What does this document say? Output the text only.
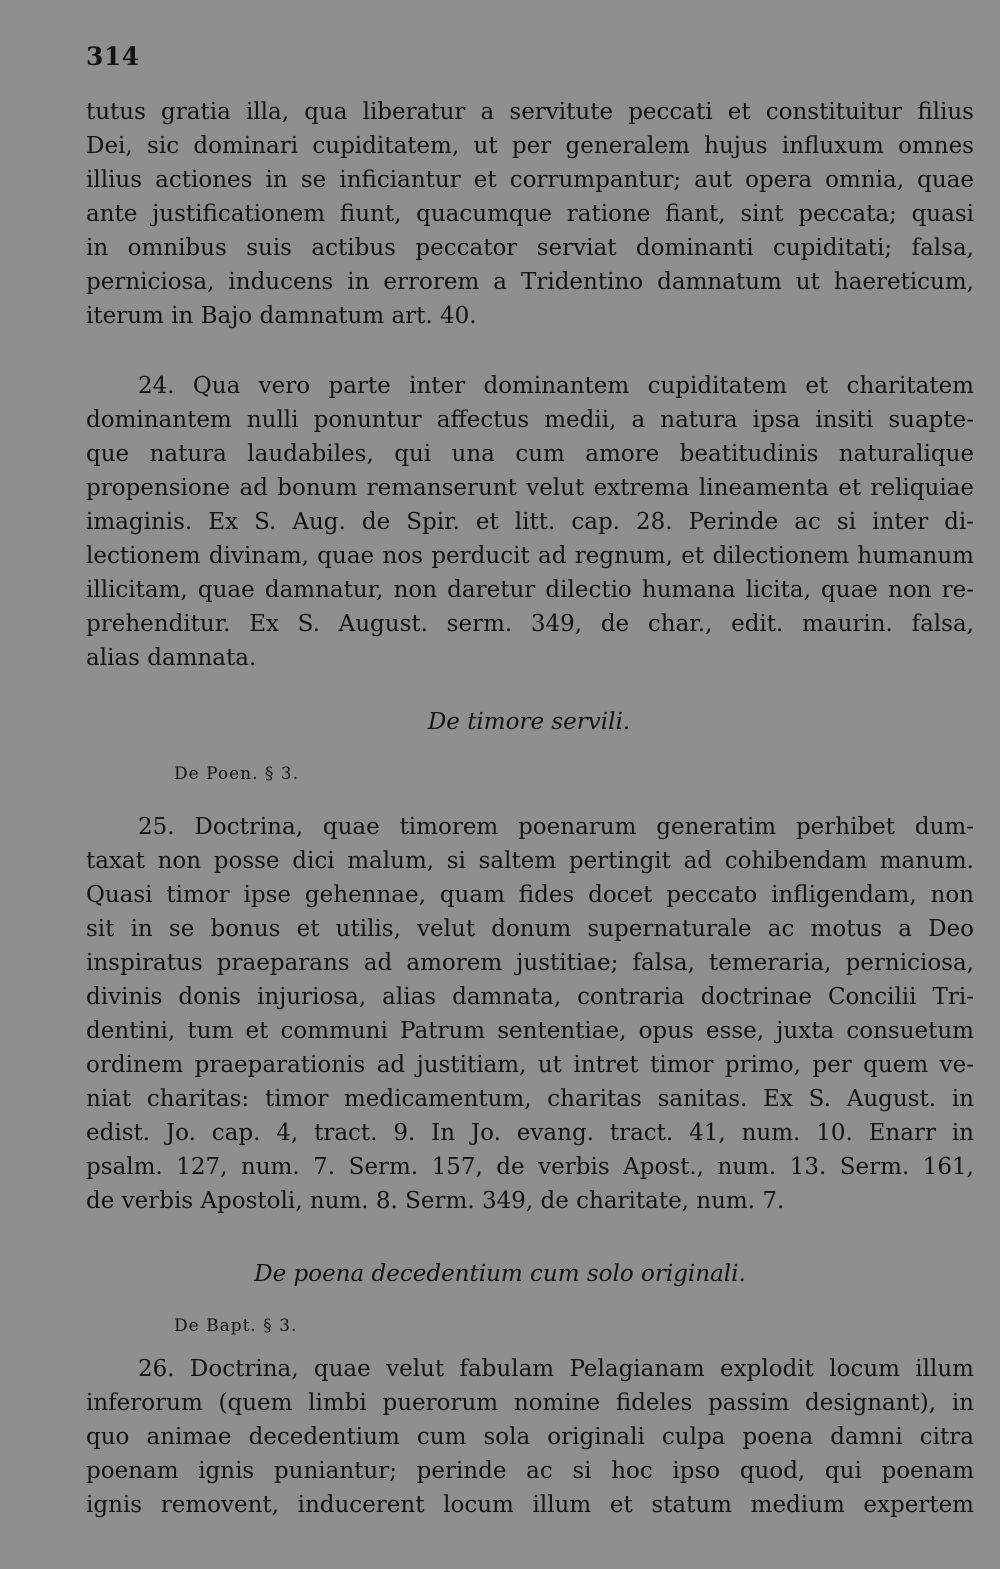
314
tutus gratia illa, qua liberatur a servitute peccati et constituitur filius
Dei, sic dominari cupiditatem, ut per generalem hujus influxum omnes
illius actiones in se inficiantur et corrumpantur; aut opera omnia, quae
ante justificationem fiunt, quacumque ratione fiant, sint peccata; quasi
in omnibus suis actibus peccator serviat dominanti cupiditati; falsa,
perniciosa, inducens in errorem a Tridentino damnatum ut haereticum,
iterum in Bajo damnatum art. 40.
24. Qua vero parte inter dominantem cupiditatem et charitatem
dominantem nulli ponuntur affectus medii, a natura ipsa insiti suapte-
que natura laudabiles, qui una cum amore beatitudinis naturalique
propensione ad bonum remanserunt velut extrema lineamenta et reliquiae
imaginis. Ex S. Aug. de Spir. et litt. cap. 28. Perinde ac si inter di-
lectionem divinam, quae nos perducit ad regnum, et dilectionem humanum
illicitam, quae damnatur, non daretur dilectio humana licita, quae non re-
prehenditur. Ex S. August. serm. 349, de char., edit. maurin. falsa,
alias damnata.
De timore servili.
De Poen. § 3.
25. Doctrina, quae timorem poenarum generatim perhibet dum-
taxat non posse dici malum, si saltem pertingit ad cohibendam manum.
Quasi timor ipse gehennae, quam fides docet peccato infligendam, non
sit in se bonus et utilis, velut donum supernaturale ac motus a Deo
inspiratus praeparans ad amorem justitiae; falsa, temeraria, perniciosa,
divinis donis injuriosa, alias damnata, contraria doctrinae Concilii Tri-
dentini, tum et communi Patrum sententiae, opus esse, juxta consuetum
ordinem praeparationis ad justitiam, ut intret timor primo, per quem ve-
niat charitas: timor medicamentum, charitas sanitas. Ex S. August. in
edist. Jo. cap. 4, tract. 9. In Jo. evang. tract. 41, num. 10. Enarr in
psalm. 127, num. 7. Serm. 157, de verbis Apost., num. 13. Serm. 161,
de verbis Apostoli, num. 8. Serm. 349, de charitate, num. 7.
De poena decedentium cum solo originali.
De Bapt. § 3.
26. Doctrina, quae velut fabulam Pelagianam explodit locum illum
inferorum (quem limbi puerorum nomine fideles passim designant), in
quo animae decedentium cum sola originali culpa poena damni citra
poenam ignis puniantur; perinde ac si hoc ipso quod, qui poenam
ignis removent, inducerent locum illum et statum medium expertem
